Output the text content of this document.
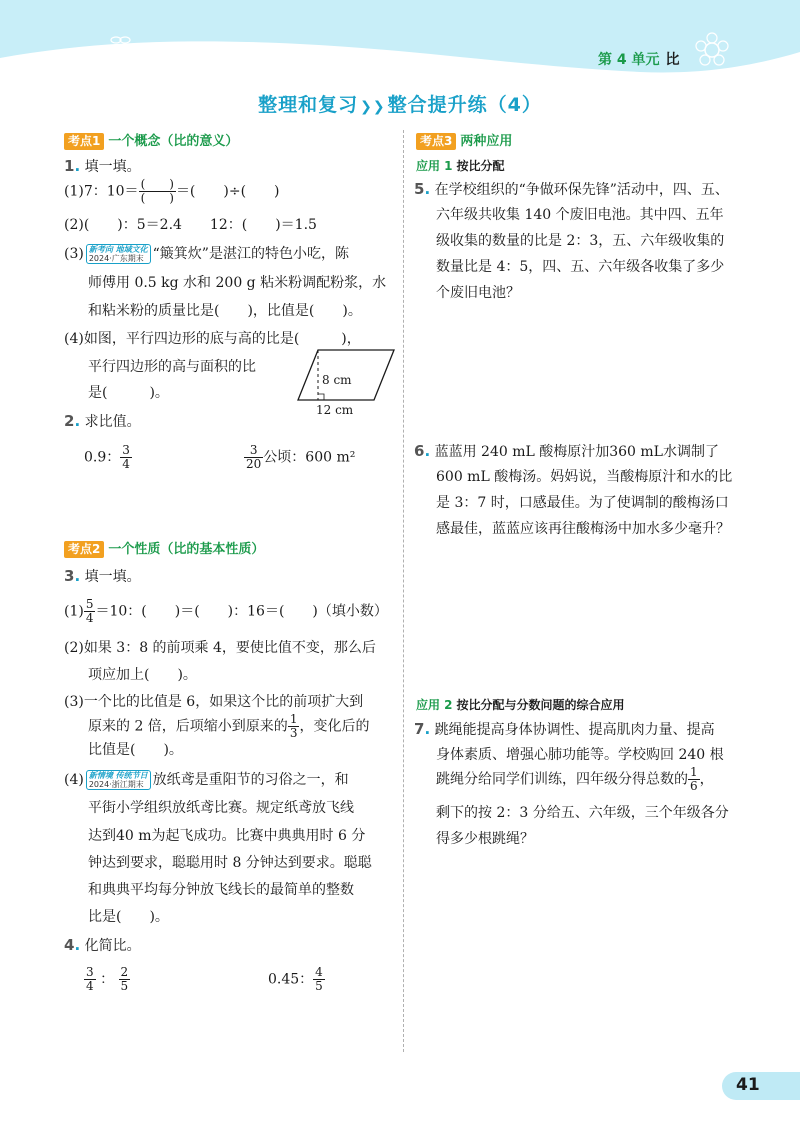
第 4 单元 比
整理和复习 ❯❯ 整合提升练（4）
考点1 一个概念（比的意义）
1. 填一填。
(1)7：$10= \frac{( )}{( )}$ ＝(　　)÷(　　)
(2)(　　)：5＝2.4　　12：(　　)＝1.5
(3) 新考向 地域文化
2024·广东期末 “簸箕炊”是湛江的特色小吃，陈
师傅用 0.5 kg 水和 200 g 粘米粉调配粉浆，水
和粘米粉的质量比是(　　)，比值是(　　)。
(4)如图，平行四边形的底与高的比是(　　　)，
平行四边形的高与面积的比
是(　　　)。
8 cm
12 cm
2. 求比值。
0.9： $\frac{3}{4}$	$\frac{3}{20}$ 公顷：600 m²
考点2 一个性质（比的基本性质）
3. 填一填。
$(1) \frac{5}{4} =10$：(　　)＝(　　)：16＝(　　)（填小数）
(2)如果 3：8 的前项乘 4，要使比值不变，那么后
项应加上(　　)。
(3)一个比的比值是 6，如果这个比的前项扩大到
原来的 2 倍，后项缩小到原来的 $\frac{1}{3}$ ，变化后的
比值是(　　)。
(4) 新情境 传统节日
2024·浙江期末 放纸鸢是重阳节的习俗之一，和
平街小学组织放纸鸢比赛。规定纸鸢放飞线
达到40 m为起飞成功。比赛中典典用时 6 分
钟达到要求，聪聪用时 8 分钟达到要求。聪聪
和典典平均每分钟放飞线长的最简单的整数
比是(　　)。
4. 化简比。
$\frac{3}{4}$ ： $\frac{2}{5}$	0.45： $\frac{4}{5}$
考点3 两种应用
应用 1 按比分配
5. 在学校组织的“争做环保先锋”活动中，四、五、
六年级共收集 140 个废旧电池。其中四、五年
级收集的数量的比是 2：3，五、六年级收集的
数量比是 4：5，四、五、六年级各收集了多少
个废旧电池？
6. 蓝蓝用 240 mL 酸梅原汁加360 mL水调制了
600 mL 酸梅汤。妈妈说，当酸梅原汁和水的比
是 3：7 时，口感最佳。为了使调制的酸梅汤口
感最佳，蓝蓝应该再往酸梅汤中加水多少毫升？
应用 2 按比分配与分数问题的综合应用
7. 跳绳能提高身体协调性、提高肌肉力量、提高
身体素质、增强心肺功能等。学校购回 240 根
跳绳分给同学们训练，四年级分得总数的 $\frac{1}{6}$ ，
剩下的按 2：3 分给五、六年级，三个年级各分
得多少根跳绳？
41
